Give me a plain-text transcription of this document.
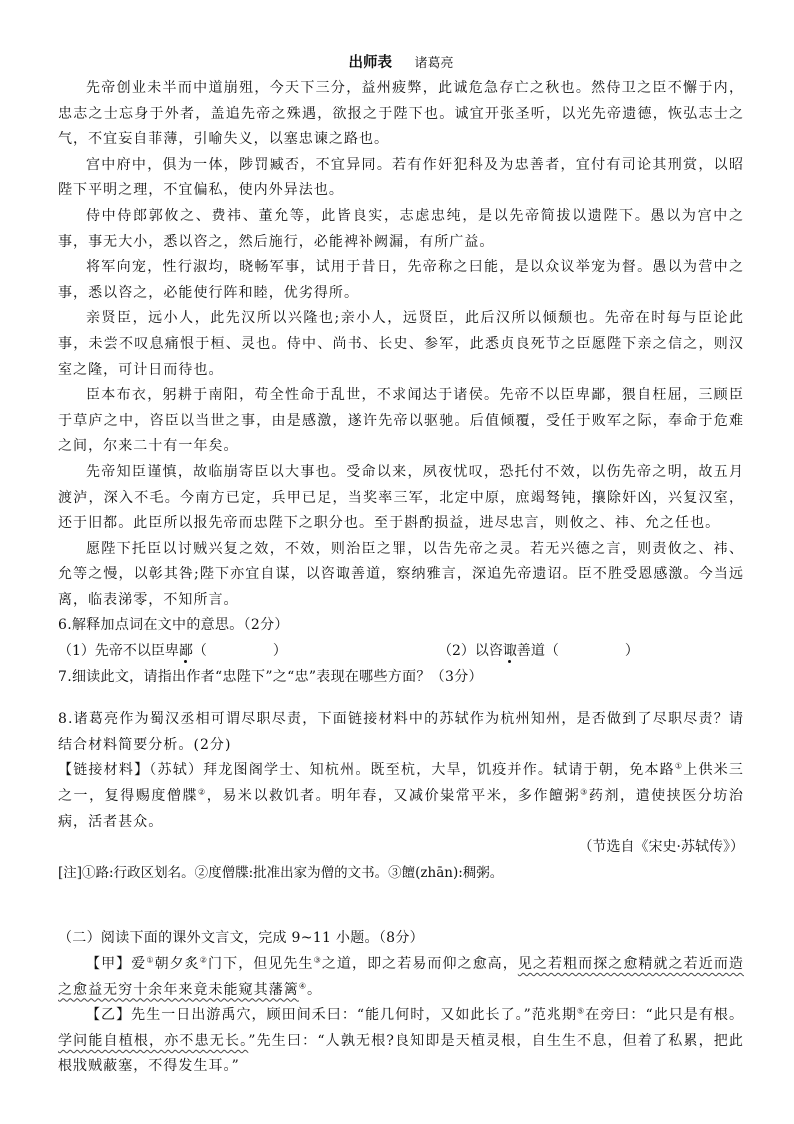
出师表 诸葛亮

先帝创业未半而中道崩殂，今天下三分，益州疲弊，此诚危急存亡之秋也。然侍卫之臣不懈于内，忠志之士忘身于外者，盖追先帝之殊遇，欲报之于陛下也。诚宜开张圣听，以光先帝遗德，恢弘志士之气，不宜妄自菲薄，引喻失义，以塞忠谏之路也。

宫中府中，俱为一体，陟罚臧否，不宜异同。若有作奸犯科及为忠善者，宜付有司论其刑赏，以昭陛下平明之理，不宜偏私，使内外异法也。

侍中侍郎郭攸之、费祎、董允等，此皆良实，志虑忠纯，是以先帝简拔以遗陛下。愚以为宫中之事，事无大小，悉以咨之，然后施行，必能裨补阙漏，有所广益。

将军向宠，性行淑均，晓畅军事，试用于昔日，先帝称之曰能，是以众议举宠为督。愚以为营中之事，悉以咨之，必能使行阵和睦，优劣得所。

亲贤臣，远小人，此先汉所以兴隆也;亲小人，远贤臣，此后汉所以倾颓也。先帝在时每与臣论此事，未尝不叹息痛恨于桓、灵也。侍中、尚书、长史、参军，此悉贞良死节之臣愿陛下亲之信之，则汉室之隆，可计日而待也。

臣本布衣，躬耕于南阳，苟全性命于乱世，不求闻达于诸侯。先帝不以臣卑鄙，猥自枉屈，三顾臣于草庐之中，咨臣以当世之事，由是感激，遂许先帝以驱驰。后值倾覆，受任于败军之际，奉命于危难之间，尔来二十有一年矣。

先帝知臣谨慎，故临崩寄臣以大事也。受命以来，夙夜忧叹，恐托付不效，以伤先帝之明，故五月渡泸，深入不毛。今南方已定，兵甲已足，当奖率三军，北定中原，庶竭驽钝，攘除奸凶，兴复汉室，还于旧都。此臣所以报先帝而忠陛下之职分也。至于斟酌损益，进尽忠言，则攸之、祎、允之任也。

愿陛下托臣以讨贼兴复之效，不效，则治臣之罪，以告先帝之灵。若无兴德之言，则责攸之、祎、允等之慢，以彰其咎;陛下亦宜自谋，以咨诹善道，察纳雅言，深追先帝遗诏。臣不胜受恩感激。今当远离，临表涕零，不知所言。

6.解释加点词在文中的意思。（2分）

（1）先帝不以臣卑鄙（	）	（2）以咨诹善道（	）

7.细读此文，请指出作者“忠陛下”之“忠”表现在哪些方面？（3分）

8.诸葛亮作为蜀汉丞相可谓尽职尽责，下面链接材料中的苏轼作为杭州知州，是否做到了尽职尽责？请结合材料简要分析。(2分)

【链接材料】（苏轼）拜龙图阁学士、知杭州。既至杭，大旱，饥疫并作。轼请于朝，免本路①上供米三之一，复得赐度僧牒②，易米以救饥者。明年春，又减价粜常平米，多作饘粥③药剂，遣使挟医分坊治病，活者甚众。

（节选自《宋史·苏轼传》）

[注]①路:行政区划名。②度僧牒:批准出家为僧的文书。③饘(zhān):稠粥。

（二）阅读下面的课外文言文，完成 9~11 小题。（8分）

【甲】爱①朝夕炙②门下，但见先生③之道，即之若易而仰之愈高，见之若粗而探之愈精就之若近而造之愈益无穷十余年来竟未能窥其藩篱④。

【乙】先生一日出游禹穴，顾田间禾曰：“能几何时，又如此长了。”范兆期⑤在旁曰：“此只是有根。学问能自植根，亦不患无长。”先生曰：“人孰无根?良知即是天植灵根，自生生不息，但着了私累，把此根戕贼蔽塞，不得发生耳。”
